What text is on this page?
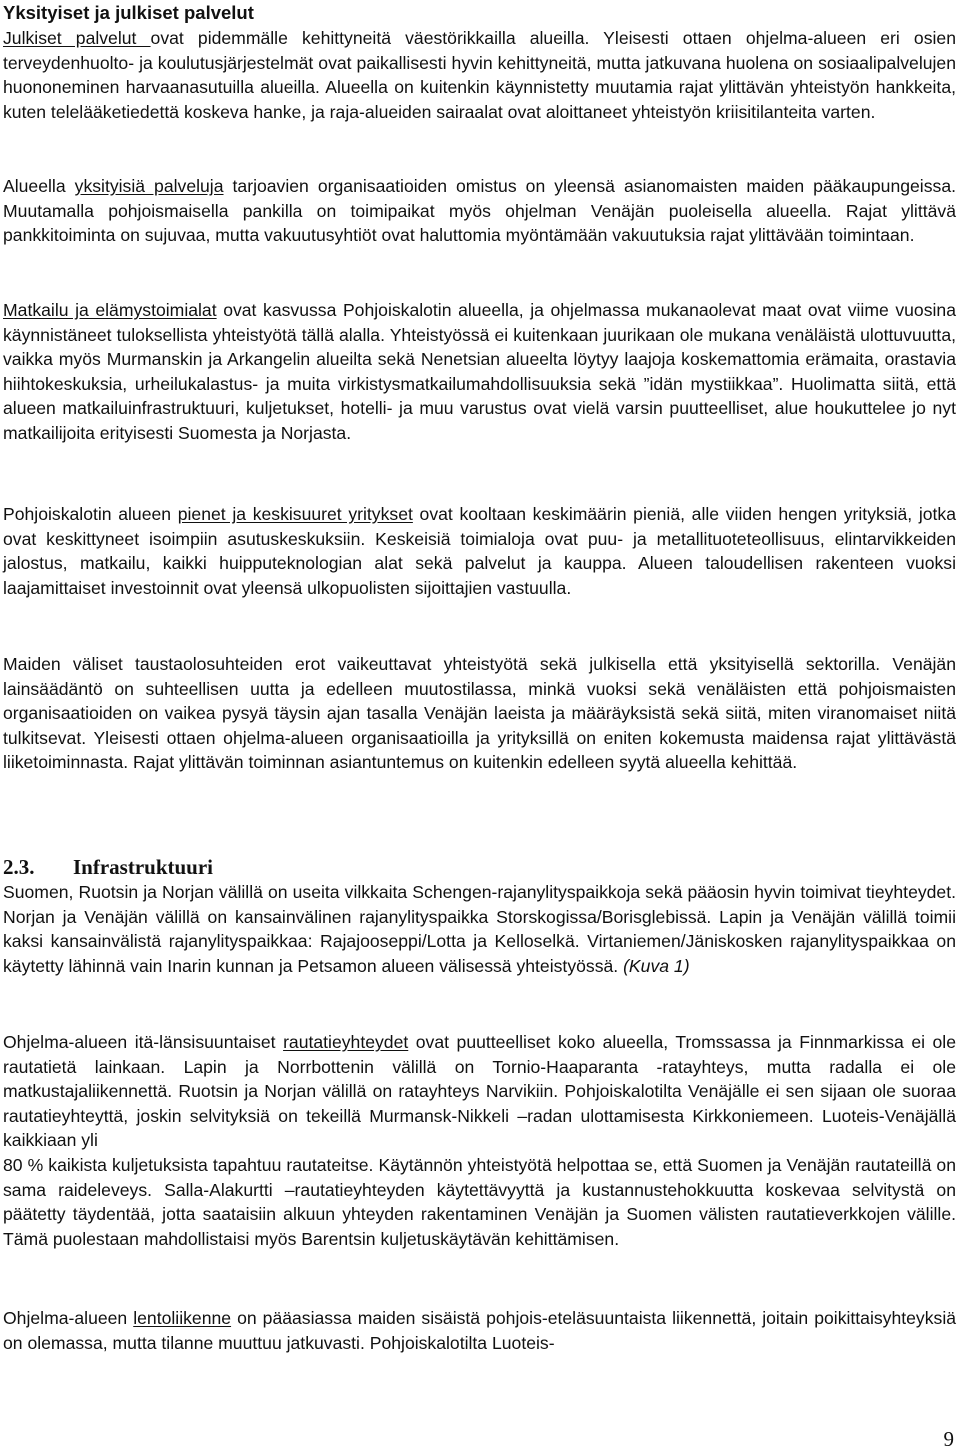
Yksityiset ja julkiset palvelut

Julkiset palvelut ovat pidemmälle kehittyneitä väestörikkailla alueilla. Yleisesti ottaen ohjelma-alueen eri osien terveydenhuolto- ja koulutusjärjestelmät ovat paikallisesti hyvin kehittyneitä, mutta jatkuvana huolena on sosiaalipalvelujen huononeminen harvaanasutuilla alueilla. Alueella on kuitenkin käynnistetty muutamia rajat ylittävän yhteistyön hankkeita, kuten telelääketiedettä koskeva hanke, ja raja-alueiden sairaalat ovat aloittaneet yhteistyön kriisitilanteita varten.

Alueella yksityisiä palveluja tarjoavien organisaatioiden omistus on yleensä asianomaisten maiden pääkaupungeissa. Muutamalla pohjoismaisella pankilla on toimipaikat myös ohjelman Venäjän puoleisella alueella. Rajat ylittävä pankkitoiminta on sujuvaa, mutta vakuutusyhtiöt ovat haluttomia myöntämään vakuutuksia rajat ylittävään toimintaan.

Matkailu ja elämystoimialat ovat kasvussa Pohjoiskalotin alueella, ja ohjelmassa mukanaolevat maat ovat viime vuosina käynnistäneet tuloksellista yhteistyötä tällä alalla. Yhteistyössä ei kuitenkaan juurikaan ole mukana venäläistä ulottuvuutta, vaikka myös Murmanskin ja Arkangelin alueilta sekä Nenetsian alueelta löytyy laajoja koskemattomia erämaita, orastavia hiihtokeskuksia, urheilukalastus- ja muita virkistysmatkailumahdollisuuksia sekä ”idän mystiikkaa”. Huolimatta siitä, että alueen matkailuinfrastruktuuri, kuljetukset, hotelli- ja muu varustus ovat vielä varsin puutteelliset, alue houkuttelee jo nyt matkailijoita erityisesti Suomesta ja Norjasta.

Pohjoiskalotin alueen pienet ja keskisuuret yritykset ovat kooltaan keskimäärin pieniä, alle viiden hengen yrityksiä, jotka ovat keskittyneet isoimpiin asutuskeskuksiin. Keskeisiä toimialoja ovat puu- ja metallituoteteollisuus, elintarvikkeiden jalostus, matkailu, kaikki huipputeknologian alat sekä palvelut ja kauppa. Alueen taloudellisen rakenteen vuoksi laajamittaiset investoinnit ovat yleensä ulkopuolisten sijoittajien vastuulla.

Maiden väliset taustaolosuhteiden erot vaikeuttavat yhteistyötä sekä julkisella että yksityisellä sektorilla. Venäjän lainsäädäntö on suhteellisen uutta ja edelleen muutostilassa, minkä vuoksi sekä venäläisten että pohjoismaisten organisaatioiden on vaikea pysyä täysin ajan tasalla Venäjän laeista ja määräyksistä sekä siitä, miten viranomaiset niitä tulkitsevat. Yleisesti ottaen ohjelma-alueen organisaatioilla ja yrityksillä on eniten kokemusta maidensa rajat ylittävästä liiketoiminnasta. Rajat ylittävän toiminnan asiantuntemus on kuitenkin edelleen syytä alueella kehittää.

2.3.	Infrastruktuuri

Suomen, Ruotsin ja Norjan välillä on useita vilkkaita Schengen-rajanylityspaikkoja sekä pääosin hyvin toimivat tieyhteydet. Norjan ja Venäjän välillä on kansainvälinen rajanylityspaikka Storskogissa/Borisglebissä. Lapin ja Venäjän välillä toimii kaksi kansainvälistä rajanylityspaikkaa: Rajajooseppi/Lotta ja Kelloselkä. Virtaniemen/Jäniskosken rajanylityspaikkaa on käytetty lähinnä vain Inarin kunnan ja Petsamon alueen välisessä yhteistyössä. (Kuva 1)

Ohjelma-alueen itä-länsisuuntaiset rautatieyhteydet ovat puutteelliset koko alueella, Tromssassa ja Finnmarkissa ei ole rautatietä lainkaan. Lapin ja Norrbottenin välillä on Tornio-Haaparanta -ratayhteys, mutta radalla ei ole matkustajaliikennettä. Ruotsin ja Norjan välillä on ratayhteys Narvikiin. Pohjoiskalotilta Venäjälle ei sen sijaan ole suoraa rautatieyhteyttä, joskin selvityksiä on tekeillä Murmansk-Nikkeli –radan ulottamisesta Kirkkoniemeen. Luoteis-Venäjällä kaikkiaan yli
80 % kaikista kuljetuksista tapahtuu rautateitse. Käytännön yhteistyötä helpottaa se, että Suomen ja Venäjän rautateillä on sama raideleveys. Salla-Alakurtti –rautatieyhteyden käytettävyyttä ja kustannustehokkuutta koskevaa selvitystä on päätetty täydentää, jotta saataisiin alkuun yhteyden rakentaminen Venäjän ja Suomen välisten rautatieverkkojen välille. Tämä puolestaan mahdollistaisi myös Barentsin kuljetuskäytävän kehittämisen.

Ohjelma-alueen lentoliikenne on pääasiassa maiden sisäistä pohjois-eteläsuuntaista liikennettä, joitain poikittaisyhteyksiä on olemassa, mutta tilanne muuttuu jatkuvasti. Pohjoiskalotilta Luoteis-

9
